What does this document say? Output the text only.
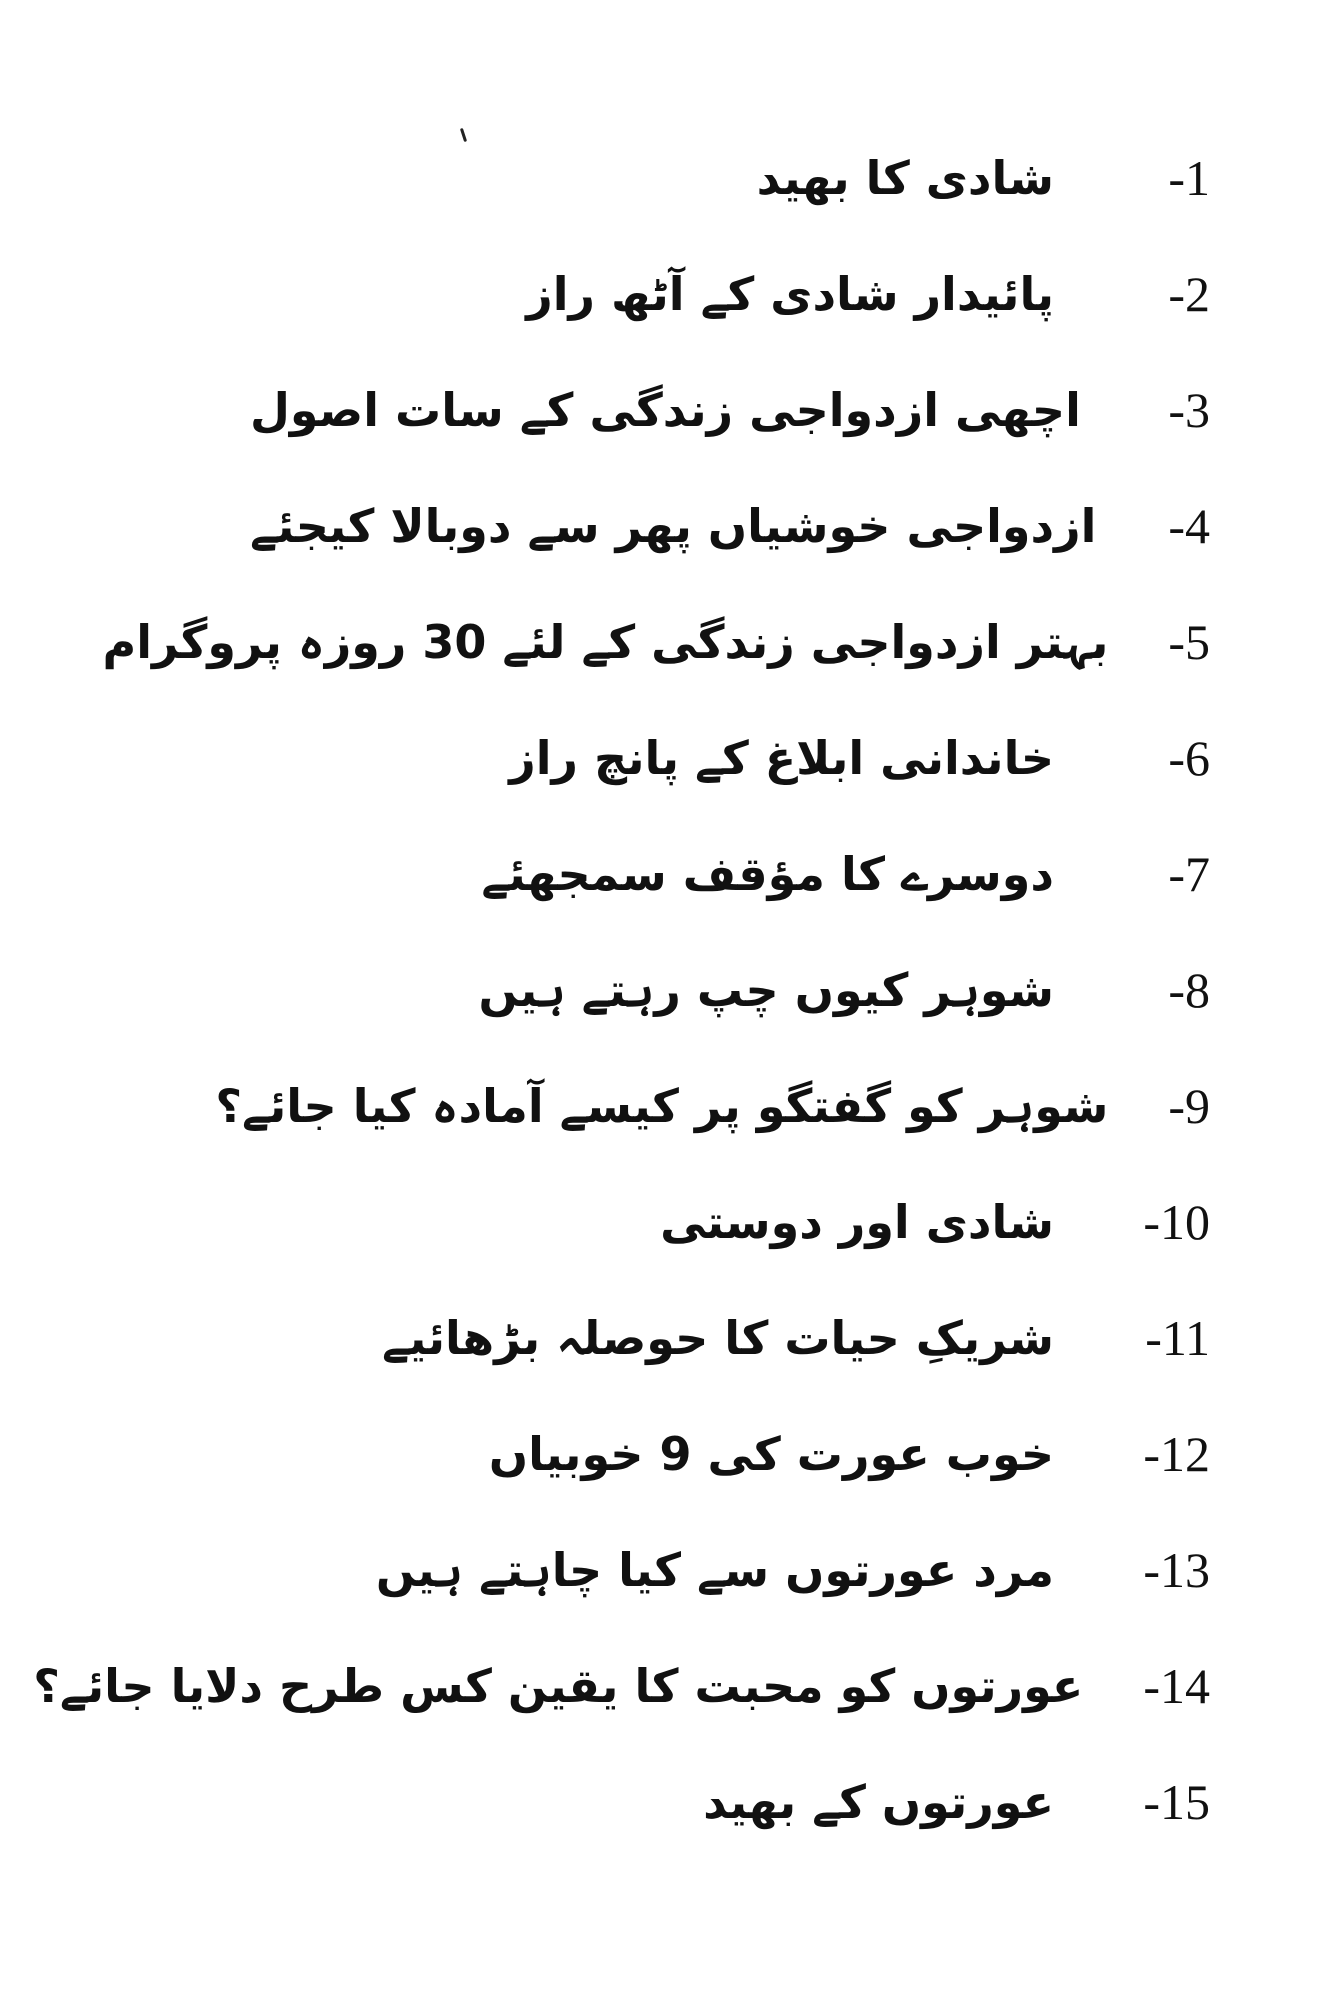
شادی کا بھید	-1
پائیدار شادی کے آٹھ راز	-2
اچھی ازدواجی زندگی کے سات اصول	-3
ازدواجی خوشیاں پھر سے دوبالا کیجئے -4
بہتر ازدواجی زندگی کے لئے 30 روزہ پروگرام -5
خاندانی ابلاغ کے پانچ راز	-6
دوسرے کا مؤقف سمجھئے	-7
شوہر کیوں چپ رہتے ہیں	-8
شوہر کو گفتگو پر کیسے آمادہ کیا جائے؟ -9
شادی اور دوستی	-10
شریکِ حیات کا حوصلہ بڑھائیے	-11
خوب عورت کی 9 خوبیاں	-12
مرد عورتوں سے کیا چاہتے ہیں	-13
عورتوں کو محبت کا یقین کس طرح دلایا جائے؟ -14
عورتوں کے بھید	-15
